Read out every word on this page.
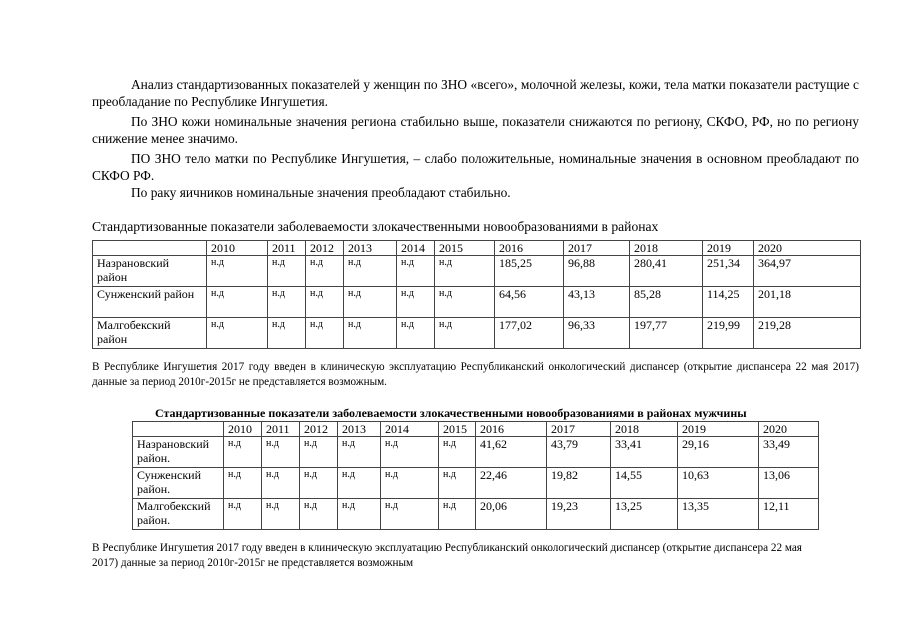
Анализ стандартизованных показателей у женщин по ЗНО «всего», молочной железы, кожи, тела матки показатели растущие с преобладание по Республике Ингушетия.

По ЗНО кожи номинальные значения региона стабильно выше, показатели снижаются по региону, СКФО, РФ, но по региону снижение менее значимо.

ПО ЗНО тело матки по Республике Ингушетия, – слабо положительные, номинальные значения в основном преобладают по СКФО РФ.

По раку яичников номинальные значения преобладают стабильно.

Стандартизованные показатели заболеваемости злокачественными новообразованиями в районах

	2010	2011	2012	2013	2014	2015	2016	2017	2018	2019	2020
Назрановский район	н.д	н.д	н.д	н.д	н.д	н.д	185,25	96,88	280,41	251,34	364,97
Сунженский район	н.д	н.д	н.д	н.д	н.д	н.д	64,56	43,13	85,28	114,25	201,18
Малгобекский район	н.д	н.д	н.д	н.д	н.д	н.д	177,02	96,33	197,77	219,99	219,28

В Республике Ингушетия 2017 году введен в клиническую эксплуатацию Республиканский онкологический диспансер (открытие диспансера 22 мая 2017) данные за период 2010г-2015г не представляется возможным.

Стандартизованные показатели заболеваемости злокачественными новообразованиями в районах мужчины

	2010	2011	2012	2013	2014	2015	2016	2017	2018	2019	2020
Назрановский район.	н.д	н.д	н.д	н.д	н.д	н.д	41,62	43,79	33,41	29,16	33,49
Сунженский район.	н.д	н.д	н.д	н.д	н.д	н.д	22,46	19,82	14,55	10,63	13,06
Малгобекский район.	н.д	н.д	н.д	н.д	н.д	н.д	20,06	19,23	13,25	13,35	12,11

В Республике Ингушетия 2017 году введен в клиническую эксплуатацию Республиканский онкологический диспансер (открытие диспансера 22 мая 2017) данные за период 2010г-2015г не представляется возможным
